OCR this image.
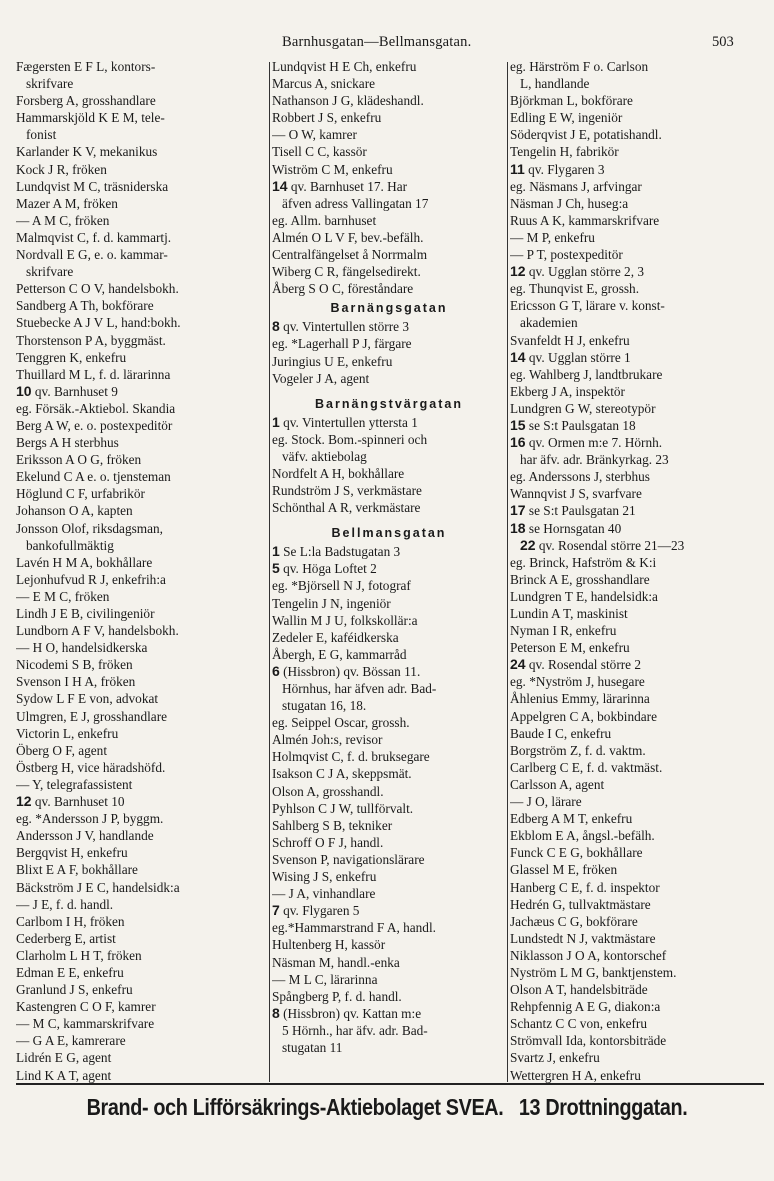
Barnhusgatan—Bellmansgatan.	503
Fægersten E F L, kontors-
skrifvare
Forsberg A, grosshandlare
Hammarskjöld K E M, tele-
fonist
Karlander K V, mekanikus
Kock J R, fröken
Lundqvist M C, träsniderska
Mazer A M, fröken
— A M C, fröken
Malmqvist C, f. d. kammartj.
Nordvall E G, e. o. kammar-
skrifvare
Petterson C O V, handelsbokh.
Sandberg A Th, bokförare
Stuebecke A J V L, hand:bokh.
Thorstenson P A, byggmäst.
Tenggren K, enkefru
Thuillard M L, f. d. lärarinna
10 qv. Barnhuset 9
eg. Försäk.-Aktiebol. Skandia
Berg A W, e. o. postexpeditör
Bergs A H sterbhus
Eriksson A O G, fröken
Ekelund C A e. o. tjensteman
Höglund C F, urfabrikör
Johanson O A, kapten
Jonsson Olof, riksdagsman,
bankofullmäktig
Lavén H M A, bokhållare
Lejonhufvud R J, enkefrih:a
— E M C, fröken
Lindh J E B, civilingeniör
Lundborn A F V, handelsbokh.
— H O, handelsidkerska
Nicodemi S B, fröken
Svenson I H A, fröken
Sydow L F E von, advokat
Ulmgren, E J, grosshandlare
Victorin L, enkefru
Öberg O F, agent
Östberg H, vice häradshöfd.
— Y, telegrafassistent
12 qv. Barnhuset 10
eg. *Andersson J P, byggm.
Andersson J V, handlande
Bergqvist H, enkefru
Blixt E A F, bokhållare
Bäckström J E C, handelsidk:a
— J E, f. d. handl.
Carlbom I H, fröken
Cederberg E, artist
Clarholm L H T, fröken
Edman E E, enkefru
Granlund J S, enkefru
Kastengren C O F, kamrer
— M C, kammarskrifvare
— G A E, kamrerare
Lidrén E G, agent
Lind K A T, agent
Lundqvist H E Ch, enkefru
Marcus A, snickare
Nathanson J G, klädeshandl.
Robbert J S, enkefru
— O W, kamrer
Tisell C C, kassör
Wiström C M, enkefru
14 qv. Barnhuset 17. Har
äfven adress Vallingatan 17
eg. Allm. barnhuset
Almén O L V F, bev.-befälh.
Centralfängelset å Norrmalm
Wiberg C R, fängelsedirekt.
Åberg S O C, föreståndare
Barnängsgatan
8 qv. Vintertullen större 3
eg. *Lagerhall P J, färgare
Juringius U E, enkefru
Vogeler J A, agent
Barnängstvärgatan
1 qv. Vintertullen yttersta 1
eg. Stock. Bom.-spinneri och
väfv. aktiebolag
Nordfelt A H, bokhållare
Rundström J S, verkmästare
Schönthal A R, verkmästare
Bellmansgatan
1 Se L:la Badstugatan 3
5 qv. Höga Loftet 2
eg. *Björsell N J, fotograf
Tengelin J N, ingeniör
Wallin M J U, folkskollär:a
Zedeler E, kaféidkerska
Åbergh, E G, kammarråd
6 (Hissbron) qv. Bössan 11.
Hörnhus, har äfven adr. Bad-
stugatan 16, 18.
eg. Seippel Oscar, grossh.
Almén Joh:s, revisor
Holmqvist C, f. d. bruksegare
Isakson C J A, skeppsmät.
Olson A, grosshandl.
Pyhlson C J W, tullförvalt.
Sahlberg S B, tekniker
Schroff O F J, handl.
Svenson P, navigationslärare
Wising J S, enkefru
— J A, vinhandlare
7 qv. Flygaren 5
eg.*Hammarstrand F A, handl.
Hultenberg H, kassör
Näsman M, handl.-enka
— M L C, lärarinna
Spångberg P, f. d. handl.
8 (Hissbron) qv. Kattan m:e
5 Hörnh., har äfv. adr. Bad-
stugatan 11
eg. Härström F o. Carlson
L, handlande
Björkman L, bokförare
Edling E W, ingeniör
Söderqvist J E, potatishandl.
Tengelin H, fabrikör
11 qv. Flygaren 3
eg. Näsmans J, arfvingar
Näsman J Ch, huseg:a
Ruus A K, kammarskrifvare
— M P, enkefru
— P T, postexpeditör
12 qv. Ugglan större 2, 3
eg. Thunqvist E, grossh.
Ericsson G T, lärare v. konst-
akademien
Svanfeldt H J, enkefru
14 qv. Ugglan större 1
eg. Wahlberg J, landtbrukare
Ekberg J A, inspektör
Lundgren G W, stereotypör
15 se S:t Paulsgatan 18
16 qv. Ormen m:e 7. Hörnh.
har äfv. adr. Bränkyrkag. 23
eg. Anderssons J, sterbhus
Wannqvist J S, svarfvare
17 se S:t Paulsgatan 21
18 se Hornsgatan 40
22 qv. Rosendal större 21—23
eg. Brinck, Hafström & K:i
Brinck A E, grosshandlare
Lundgren T E, handelsidk:a
Lundin A T, maskinist
Nyman I R, enkefru
Peterson E M, enkefru
24 qv. Rosendal större 2
eg. *Nyström J, husegare
Åhlenius Emmy, lärarinna
Appelgren C A, bokbindare
Baude I C, enkefru
Borgström Z, f. d. vaktm.
Carlberg C E, f. d. vaktmäst.
Carlsson A, agent
— J O, lärare
Edberg A M T, enkefru
Ekblom E A, ångsl.-befälh.
Funck C E G, bokhållare
Glassel M E, fröken
Hanberg C E, f. d. inspektor
Hedrén G, tullvaktmästare
Jachæus C G, bokförare
Lundstedt N J, vaktmästare
Niklasson J O A, kontorschef
Nyström L M G, banktjenstem.
Olson A T, handelsbiträde
Rehpfennig A E G, diakon:a
Schantz C C von, enkefru
Strömvall Ida, kontorsbiträde
Svartz J, enkefru
Wettergren H A, enkefru
Brand- och Lifförsäkrings-Aktiebolaget SVEA. 13 Drottninggatan.
